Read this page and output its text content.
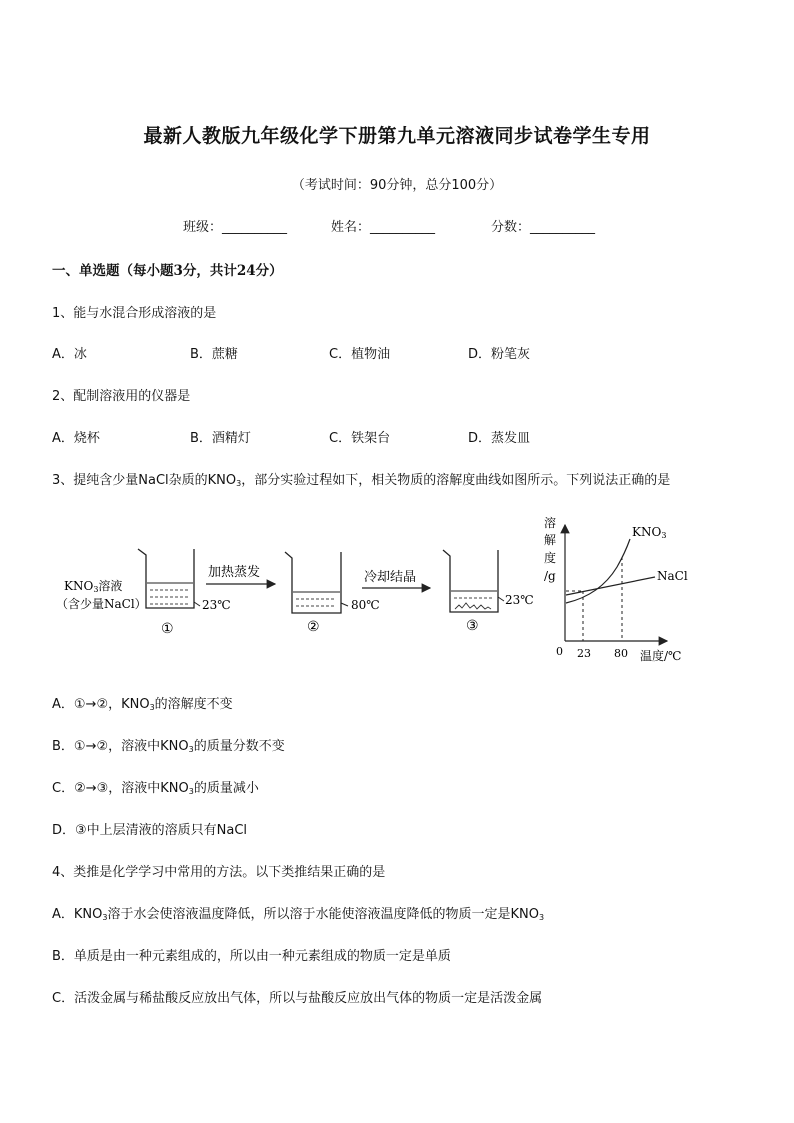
最新人教版九年级化学下册第九单元溶液同步试卷学生专用
（考试时间：90分钟，总分100分）
班级：__________	姓名：__________	分数：__________
一、单选题（每小题3分，共计24分）
1、能与水混合形成溶液的是
A．冰	B．蔗糖	C．植物油	D．粉笔灰
2、配制溶液用的仪器是
A．烧杯	B．酒精灯	C．铁架台	D．蒸发皿
3、提纯含少量NaCl杂质的$KNO_3$，部分实验过程如下，相关物质的溶解度曲线如图所示。下列说法正确的是
KNO3溶液
（含少量NaCl）	23℃
①
加热蒸发
80℃
②
冷却结晶
23℃
③
溶
解
度
/g
0 23 80 温度/℃
KNO3
NaCl
A．①→②，$KNO_3$的溶解度不变
B．①→②，溶液中$KNO_3$的质量分数不变
C．②→③，溶液中$KNO_3$的质量减小
D．③中上层清液的溶质只有NaCl
4、类推是化学学习中常用的方法。以下类推结果正确的是
A．$KNO_3$溶于水会使溶液温度降低，所以溶于水能使溶液温度降低的物质一定是$KNO_3$
B．单质是由一种元素组成的，所以由一种元素组成的物质一定是单质
C．活泼金属与稀盐酸反应放出气体，所以与盐酸反应放出气体的物质一定是活泼金属
